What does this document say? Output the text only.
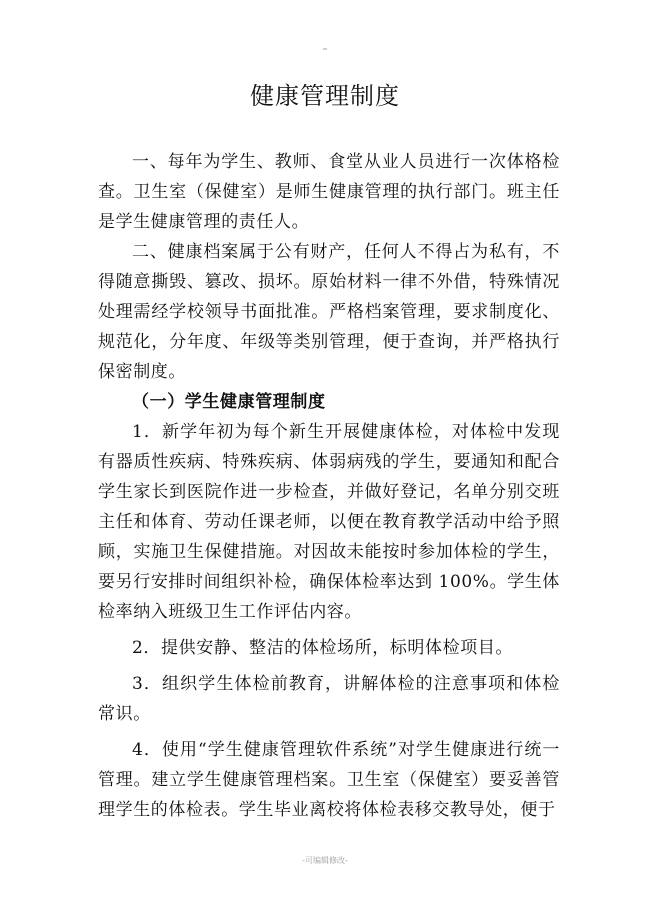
健康管理制度

一、每年为学生、教师、食堂从业人员进行一次体格检查。卫生室（保健室）是师生健康管理的执行部门。班主任是学生健康管理的责任人。

二、健康档案属于公有财产，任何人不得占为私有，不得随意撕毁、篡改、损坏。原始材料一律不外借，特殊情况处理需经学校领导书面批准。严格档案管理，要求制度化、规范化，分年度、年级等类别管理，便于查询，并严格执行保密制度。

（一）学生健康管理制度

1．新学年初为每个新生开展健康体检，对体检中发现有器质性疾病、特殊疾病、体弱病残的学生，要通知和配合学生家长到医院作进一步检查，并做好登记，名单分别交班主任和体育、劳动任课老师，以便在教育教学活动中给予照顾，实施卫生保健措施。对因故未能按时参加体检的学生，要另行安排时间组织补检，确保体检率达到 100%。学生体检率纳入班级卫生工作评估内容。

2．提供安静、整洁的体检场所，标明体检项目。

3．组织学生体检前教育，讲解体检的注意事项和体检常识。

4．使用“学生健康管理软件系统”对学生健康进行统一管理。建立学生健康管理档案。卫生室（保健室）要妥善管理学生的体检表。学生毕业离校将体检表移交教导处，便于

-可编辑修改-
